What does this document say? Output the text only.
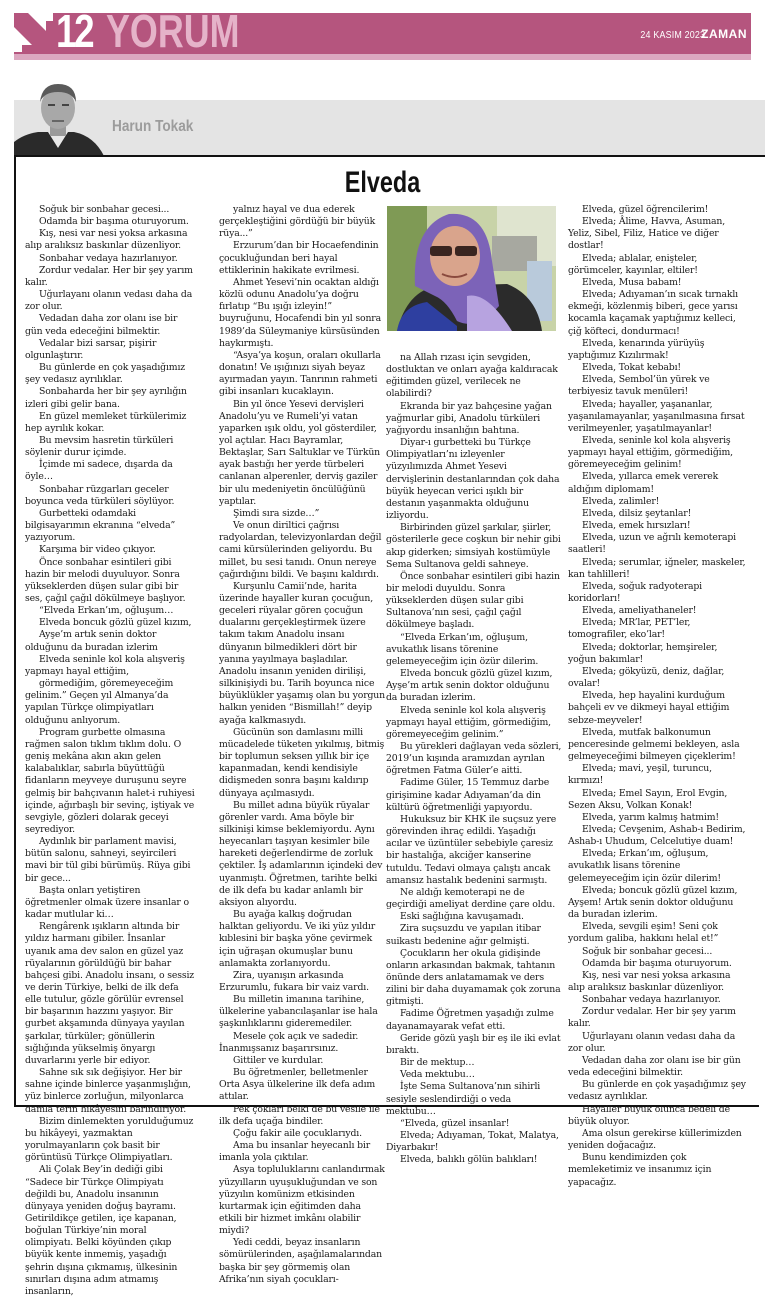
12 YORUM	24 KASIM 2023
ZAMAN
Harun Tokak
Elveda

Soğuk bir sonbahar gecesi...

Odamda bir başıma oturuyorum.

Kış, nesi var nesi yoksa arkasına alıp aralıksız baskınlar düzenliyor.

Sonbahar vedaya hazırlanıyor.

Zordur vedalar. Her bir şey yarım kalır.

Uğurlayanı olanın vedası daha da zor olur.

Vedadan daha zor olanı ise bir gün veda edeceğini bilmektir.

Vedalar bizi sarsar, pişirir olgunlaştırır.

Bu günlerde en çok yaşadığımız şey vedasız ayrılıklar.

Sonbaharda her bir şey ayrılığın izleri gibi gelir bana.

En güzel memleket türkülerimiz hep ayrılık kokar.

Bu mevsim hasretin türküleri söylenir durur içimde.

İçimde mi sadece, dışarda da öyle…

Sonbahar rüzgarları geceler boyunca veda türküleri söylüyor.

Gurbetteki odamdaki bilgisayarımın ekranına “elveda” yazıyorum.

Karşıma bir video çıkıyor.

Önce sonbahar esintileri gibi hazin bir melodi duyuluyor. Sonra yükseklerden düşen sular gibi bir ses, çağıl çağıl dökülmeye başlıyor.

“Elveda Erkan’ım, oğluşum…

Elveda boncuk gözlü güzel kızım,

Ayşe’m artık senin doktor olduğunu da buradan izlerim

Elveda seninle kol kola alışveriş yapmayı hayal ettiğim,

görmediğim, göremeyeceğim gelinim.” Geçen yıl Almanya’da yapılan Türkçe olimpiyatları olduğunu anlıyorum.

Program gurbette olmasına rağmen salon tıklım tıklım dolu. O geniş mekâna akın akın gelen kalabalıklar, sabırla büyüttüğü fidanların meyveye duruşunu seyre gelmiş bir bahçıvanın halet-i ruhiyesi içinde, ağırbaşlı bir sevinç, iştiyak ve sevgiyle, gözleri dolarak geceyi seyrediyor.

Aydınlık bir parlament mavisi, bütün salonu, sahneyi, seyircileri mavi bir tül gibi bürümüş. Rüya gibi bir gece...

Başta onları yetiştiren öğretmenler olmak üzere insanlar o kadar mutlular ki…

Rengârenk ışıkların altında bir yıldız harmanı gibiler. İnsanlar uyanık ama dev salon en güzel yaz rüyalarının görüldüğü bir bahar bahçesi gibi. Anadolu insanı, o sessiz ve derin Türkiye, belki de ilk defa elle tutulur, gözle görülür evrensel bir başarının hazzını yaşıyor. Bir gurbet akşamında dünyaya yayılan şarkılar, türküler; gönüllerin sığlığında yükselmiş önyargı duvarlarını yerle bir ediyor.

Sahne sık sık değişiyor. Her bir sahne içinde binlerce yaşanmışlığın, yüz binlerce zorluğun, milyonlarca damla terin hikâyesini barındırıyor.

Bizim dinlemekten yorulduğumuz bu hikâyeyi, yazmaktan yorulmayanların çok basit bir görüntüsü Türkçe Olimpiyatları.

Ali Çolak Bey’in dediği gibi “Sadece bir Türkçe Olimpiyatı değildi bu, Anadolu insanının dünyaya yeniden doğuş bayramı. Getirildikçe getilen, içe kapanan, boğulan Türkiye’nin moral olimpiyatı. Belki köyünden çıkıp büyük kente inmemiş, yaşadığı şehrin dışına çıkmamış, ülkesinin sınırları dışına adım atmamış insanların,

yalnız hayal ve dua ederek gerçekleştiğini gördüğü bir büyük rüya...”

Erzurum’dan bir Hocaefendinin çocukluğundan beri hayal ettiklerinin hakikate evrilmesi.

Ahmet Yesevi’nin ocaktan aldığı közlü odunu Anadolu’ya doğru fırlatıp “Bu ışığı izleyin!” buyruğunu, Hocafendi bin yıl sonra 1989’da Süleymaniye kürsüsünden haykırmıştı.

“Asya’ya koşun, oraları okullarla donatın! Ve ışığınızı siyah beyaz ayırmadan yayın. Tanrının rahmeti gibi insanları kucaklayın.

Bin yıl önce Yesevi dervişleri Anadolu’yu ve Rumeli’yi vatan yaparken ışık oldu, yol gösterdiler, yol açtılar. Hacı Bayramlar, Bektaşlar, Sarı Saltuklar ve Türkün ayak bastığı her yerde türbeleri canlanan alperenler, derviş gaziler bir ulu medeniyetin öncülüğünü yaptılar.

Şimdi sıra sizde…”

Ve onun diriltici çağrısı radyolardan, televizyonlardan değil cami kürsülerinden geliyordu. Bu millet, bu sesi tanıdı. Onun nereye çağırdığını bildi. Ve başını kaldırdı.

Kurşunlu Camii’nde, harita üzerinde hayaller kuran çocuğun, geceleri rüyalar gören çocuğun dualarını gerçekleştirmek üzere takım takım Anadolu insanı dünyanın bilmedikleri dört bir yanına yayılmaya başladılar. Anadolu insanın yeniden dirilişi, silkinişiydi bu. Tarih boyunca nice büyüklükler yaşamış olan bu yorgun halkın yeniden “Bismillah!” deyip ayağa kalkmasıydı.

Gücünün son damlasını milli mücadelede tüketen yıkılmış, bitmiş bir toplumun seksen yıllık bir içe kapanmadan, kendi kendisiyle didişmeden sonra başını kaldırıp dünyaya açılmasıydı.

Bu millet adına büyük rüyalar görenler vardı. Ama böyle bir silkinişi kimse beklemiyordu. Aynı heyecanları taşıyan kesimler bile hareketi değerlendirme de zorluk çektiler. İş adamlarının içindeki dev uyanmıştı. Öğretmen, tarihte belki de ilk defa bu kadar anlamlı bir aksiyon alıyordu.

Bu ayağa kalkış doğrudan halktan geliyordu. Ve iki yüz yıldır kıblesini bir başka yöne çevirmek için uğraşan okumuşlar bunu anlamakta zorlanıyordu.

Zira, uyanışın arkasında Erzurumlu, fukara bir vaiz vardı.

Bu milletin imanına tarihine, ülkelerine yabancılaşanlar ise hala şaşkınlıklarını gideremediler.

Mesele çok açık ve sadedir. İnanmışsanız başarırsınız.

Gittiler ve kurdular.

Bu öğretmenler, belletmenler Orta Asya ülkelerine ilk defa adım attılar.

Pek çokları belki de bu vesile ile ilk defa uçağa bindiler.

Çoğu fakir aile çocuklarıydı.

Ama bu insanlar heyecanlı bir imanla yola çıktılar.

Asya topluluklarını canlandırmak yüzyılların uyuşukluğundan ve son yüzyılın komünizm etkisinden kurtarmak için eğitimden daha etkili bir hizmet imkânı olabilir miydi?

Yedi ceddi, beyaz insanların sömürülerinden, aşağılamalarından başka bir şey görmemiş olan Afrika’nın siyah çocukları-

na Allah rızası için sevgiden, dostluktan ve onları ayağa kaldıracak eğitimden güzel, verilecek ne olabilirdi?

Ekranda bir yaz bahçesine yağan yağmurlar gibi, Anadolu türküleri yağıyordu insanlığın bahtına.

Diyar-ı gurbetteki bu Türkçe Olimpiyatları’nı izleyenler yüzyılımızda Ahmet Yesevi dervişlerinin destanlarından çok daha büyük heyecan verici ışıklı bir destanın yaşanmakta olduğunu izliyordu.

Birbirinden güzel şarkılar, şiirler, gösterilerle gece coşkun bir nehir gibi akıp giderken; simsiyah kostümüyle Sema Sultanova geldi sahneye.

Önce sonbahar esintileri gibi hazin bir melodi duyuldu. Sonra yükseklerden düşen sular gibi Sultanova’nın sesi, çağıl çağıl dökülmeye başladı.

“Elveda Erkan’ım, oğluşum, avukatlık lisans törenine gelemeyeceğim için özür dilerim.

Elveda boncuk gözlü güzel kızım, Ayşe’m artık senin doktor olduğunu da buradan izlerim.

Elveda seninle kol kola alışveriş yapmayı hayal ettiğim, görmediğim, göremeyeceğim gelinim.”

Bu yürekleri dağlayan veda sözleri, 2019’un kışında aramızdan ayrılan öğretmen Fatma Güler’e aitti.

Fadime Güler, 15 Temmuz darbe girişimine kadar Adıyaman’da din kültürü öğretmenliği yapıyordu.

Hukuksuz bir KHK ile suçsuz yere görevinden ihraç edildi. Yaşadığı acılar ve üzüntüler sebebiyle çaresiz bir hastalığa, akciğer kanserine tutuldu. Tedavi olmaya çalıştı ancak amansız hastalık bedenini sarmıştı.

Ne aldığı kemoterapi ne de geçirdiği ameliyat derdine çare oldu.

Eski sağlığına kavuşamadı.

Zira suçsuzdu ve yapılan itibar suikastı bedenine ağır gelmişti.

Çocukların her okula gidişinde onların arkasından bakmak, tahtanın önünde ders anlatamamak ve ders zilini bir daha duyamamak çok zoruna gitmişti.

Fadime Öğretmen yaşadığı zulme dayanamayarak vefat etti.

Geride gözü yaşlı bir eş ile iki evlat bıraktı.

Bir de mektup…

Veda mektubu…

İşte Sema Sultanova’nın sihirli sesiyle seslendirdiği o veda mektubu…

“Elveda, güzel insanlar!

Elveda; Adıyaman, Tokat, Malatya, Diyarbakır!

Elveda, balıklı gölün balıkları!

Elveda, güzel öğrencilerim!

Elveda; Âlime, Havva, Asuman, Yeliz, Sibel, Filiz, Hatice ve diğer dostlar!

Elveda; ablalar, enişteler, görümceler, kayınlar, eltiler!

Elveda, Musa babam!

Elveda; Adıyaman’ın sıcak tırnaklı ekmeği, közlenmiş biberi, gece yarısı kocamla kaçamak yaptığımız kelleci, çiğ köfteci, dondurmacı!

Elveda, kenarında yürüyüş yaptığımız Kızılırmak!

Elveda, Tokat kebabı!

Elveda, Sembol’ün yürek ve terbiyesiz tavuk menüleri!

Elveda; hayaller, yaşananlar, yaşanılamayanlar, yaşanılmasına fırsat verilmeyenler, yaşatılmayanlar!

Elveda, seninle kol kola alışveriş yapmayı hayal ettiğim, görmediğim, göremeyeceğim gelinim!

Elveda, yıllarca emek vererek aldığım diplomam!

Elveda, zalimler!

Elveda, dilsiz şeytanlar!

Elveda, emek hırsızları!

Elveda, uzun ve ağrılı kemoterapi saatleri!

Elveda; serumlar, iğneler, maskeler, kan tahlilleri!

Elveda, soğuk radyoterapi koridorları!

Elveda, ameliyathaneler!

Elveda; MR’lar, PET’ler, tomografiler, eko’lar!

Elveda; doktorlar, hemşireler, yoğun bakımlar!

Elveda; gökyüzü, deniz, dağlar, ovalar!

Elveda, hep hayalini kurduğum bahçeli ev ve dikmeyi hayal ettiğim sebze-meyveler!

Elveda, mutfak balkonumun penceresinde gelmemi bekleyen, asla gelmeyeceğimi bilmeyen çiçeklerim!

Elveda; mavi, yeşil, turuncu, kırmızı!

Elveda; Emel Sayın, Erol Evgin, Sezen Aksu, Volkan Konak!

Elveda, yarım kalmış hatmim!

Elveda; Cevşenim, Ashab-ı Bedirim, Ashab-ı Uhudum, Celcelutiye duam!

Elveda; Erkan’ım, oğluşum, avukatlık lisans törenine gelemeyeceğim için özür dilerim!

Elveda; boncuk gözlü güzel kızım, Ayşem! Artık senin doktor olduğunu da buradan izlerim.

Elveda, sevgili eşim! Seni çok yordum galiba, hakkını helal et!”

Soğuk bir sonbahar gecesi...

Odamda bir başıma oturuyorum.

Kış, nesi var nesi yoksa arkasına alıp aralıksız baskınlar düzenliyor.

Sonbahar vedaya hazırlanıyor.

Zordur vedalar. Her bir şey yarım kalır.

Uğurlayanı olanın vedası daha da zor olur.

Vedadan daha zor olanı ise bir gün veda edeceğini bilmektir.

Bu günlerde en çok yaşadığımız şey vedasız ayrılıklar.

Hayaller büyük olunca bedeli de büyük oluyor.

Ama olsun gerekirse küllerimizden yeniden doğacağız.

Bunu kendimizden çok memleketimiz ve insanımız için yapacağız.
